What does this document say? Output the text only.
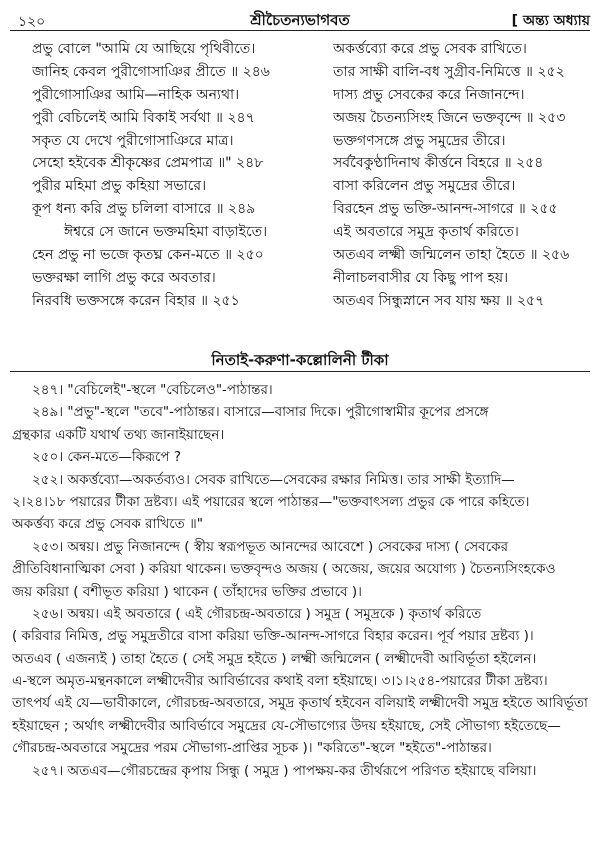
১২০	শ্রীচৈতন্যভাগবত	[ অন্ত্য অধ্যায়
প্রভু বোলে "আমি যে আছিয়ে পৃথিবীতে।
জানিহ কেবল পুরীগোসাঞির প্রীতে ॥ ২৪৬
পুরীগোসাঞির আমি—নাহিক অন্যথা।
পুরী বেচিলেই আমি বিকাই সর্বথা ॥ ২৪৭
সকৃত যে দেখে পুরীগোসাঞিরে মাত্র।
সেহো হইবেক শ্রীকৃষ্ণের প্রেমপাত্র ॥" ২৪৮
পুরীর মহিমা প্রভু কহিয়া সভারে।
কূপ ধন্য করি প্রভু চলিলা বাসারে ॥ ২৪৯
ঈশ্বরে সে জানে ভক্তমহিমা বাড়াইতে।
হেন প্রভু না ভজে কৃতঘ্ন কেন-মতে ॥ ২৫০
ভক্তরক্ষা লাগি প্রভু করে অবতার।
নিরবধি ভক্তসঙ্গে করেন বিহার ॥ ২৫১
অকর্ত্তব্যো করে প্রভু সেবক রাখিতে।
তার সাক্ষী বালি-বধ সুগ্রীব-নিমিত্তে ॥ ২৫২
দাস্য প্রভু সেবকের করে নিজানন্দে।
অজয় চৈতন্যসিংহ জিনে ভক্তবৃন্দে ॥ ২৫৩
ভক্তগণসঙ্গে প্রভু সমুদ্রের তীরে।
সর্ববৈকুণ্ঠাদিনাথ কীর্ত্তনে বিহরে ॥ ২৫৪
বাসা করিলেন প্রভু সমুদ্রের তীরে।
বিরহেন প্রভু ভক্তি-আনন্দ-সাগরে ॥ ২৫৫
এই অবতারে সমুদ্র কৃতার্থ করিতে।
অতএব লক্ষ্মী জন্মিলেন তাহা হৈতে ॥ ২৫৬
নীলাচলবাসীর যে কিছু পাপ হয়।
অতএব সিন্ধুস্নানে সব যায় ক্ষয় ॥ ২৫৭
নিতাই-করুণা-কল্লোলিনী টীকা
২৪৭। "বেচিলেই"-স্থলে "বেচিলেও"-পাঠান্তর।
২৪৯। "প্রভু"-স্থলে "তবে"-পাঠান্তর। বাসারে—বাসার দিকে। পুরীগোস্বামীর কূপের প্রসঙ্গে
গ্রন্থকার একটি যথার্থ তথ্য জানাইয়াছেন।
২৫০। কেন-মতে—কিরূপে ?
২৫২। অকর্ত্তব্যো—অকর্তব্যও। সেবক রাখিতে—সেবকের রক্ষার নিমিত্ত। তার সাক্ষী ইত্যাদি—
২।২৪।১৮ পয়ারের টীকা দ্রষ্টব্য। এই পয়ারের স্থলে পাঠান্তর—"ভক্তবাৎসল্য প্রভুর কে পারে কহিতে।
অকর্ত্তব্য করে প্রভু সেবক রাখিতে ॥"
২৫৩। অন্বয়। প্রভু নিজানন্দে ( স্বীয় স্বরূপভূত আনন্দের আবেশে ) সেবকের দাস্য ( সেবকের
প্রীতিবিধানাত্মিকা সেবা ) করিয়া থাকেন। ভক্তবৃন্দও অজয় ( অজেয়, জয়ের অযোগ্য ) চৈতন্যসিংহকেও
জয় করিয়া ( বশীভূত করিয়া ) থাকেন ( তাঁহাদের ভক্তির প্রভাবে )।
২৫৬। অন্বয়। এই অবতারে ( এই গৌরচন্দ্র-অবতারে ) সমুদ্র ( সমুদ্রকে ) কৃতার্থ করিতে
( করিবার নিমিত্ত, প্রভু সমুদ্রতীরে বাসা করিয়া ভক্তি-আনন্দ-সাগরে বিহার করেন। পূর্ব পয়ার দ্রষ্টব্য )।
অতএব ( এজন্যই ) তাহা হৈতে ( সেই সমুদ্র হইতে ) লক্ষ্মী জন্মিলেন ( লক্ষ্মীদেবী আবির্ভূতা হইলেন।
এ-স্থলে অমৃত-মন্থনকালে লক্ষ্মীদেবীর আবির্ভাবের কথাই বলা হইয়াছে। ৩।১।২৫৪-পয়ারের টীকা দ্রষ্টব্য।
তাৎপর্য এই যে—ভাবীকালে, গৌরচন্দ্র-অবতারে, সমুদ্র কৃতার্থ হইবেন বলিয়াই লক্ষ্মীদেবী সমুদ্র হইতে আবির্ভূতা
হইয়াছেন ; অর্থাৎ লক্ষ্মীদেবীর আবির্ভাবে সমুদ্রের যে-সৌভাগ্যের উদয় হইয়াছে, সেই সৌভাগ্য হইতেছে—
গৌরচন্দ্র-অবতারে সমুদ্রের পরম সৌভাগ্য-প্রাপ্তির সূচক )। "করিতে"-স্থলে "হইতে"-পাঠান্তর।
২৫৭। অতএব—গৌরচন্দ্রের কৃপায় সিন্ধু ( সমুদ্র ) পাপক্ষয়-কর তীর্থরূপে পরিণত হইয়াছে বলিয়া।
